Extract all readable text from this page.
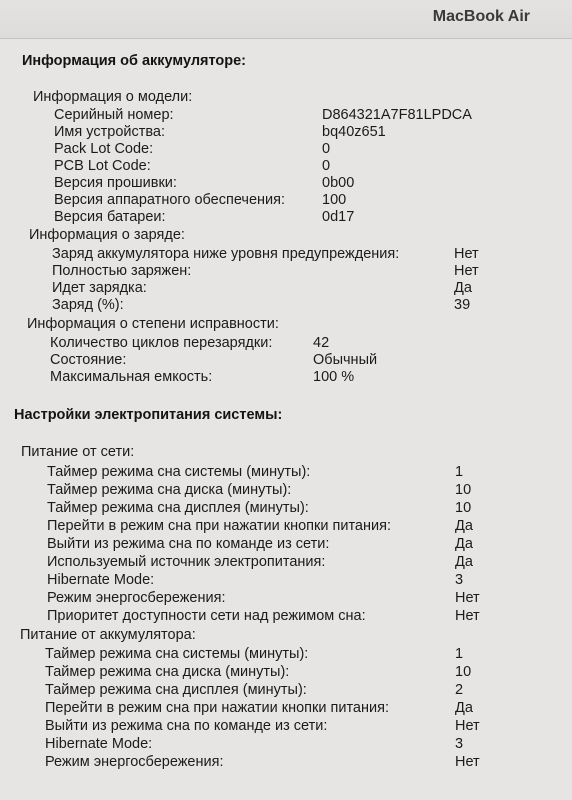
MacBook Air
Информация об аккумуляторе:
Информация о модели:
Серийный номер:	D864321A7F81LPDCA
Имя устройства:	bq40z651
Pack Lot Code:	0
PCB Lot Code:	0
Версия прошивки:	0b00
Версия аппаратного обеспечения:	100
Версия батареи:	0d17
Информация о заряде:
Заряд аккумулятора ниже уровня предупреждения:	Нет
Полностью заряжен:	Нет
Идет зарядка:	Да
Заряд (%):	39
Информация о степени исправности:
Количество циклов перезарядки:	42
Состояние:	Обычный
Максимальная емкость:	100 %
Настройки электропитания системы:
Питание от сети:
Таймер режима сна системы (минуты):	1
Таймер режима сна диска (минуты):	10
Таймер режима сна дисплея (минуты):	10
Перейти в режим сна при нажатии кнопки питания:	Да
Выйти из режима сна по команде из сети:	Да
Используемый источник электропитания:	Да
Hibernate Mode:	3
Режим энергосбережения:	Нет
Приоритет доступности сети над режимом сна:	Нет
Питание от аккумулятора:
Таймер режима сна системы (минуты):	1
Таймер режима сна диска (минуты):	10
Таймер режима сна дисплея (минуты):	2
Перейти в режим сна при нажатии кнопки питания:	Да
Выйти из режима сна по команде из сети:	Нет
Hibernate Mode:	3
Режим энергосбережения:	Нет
